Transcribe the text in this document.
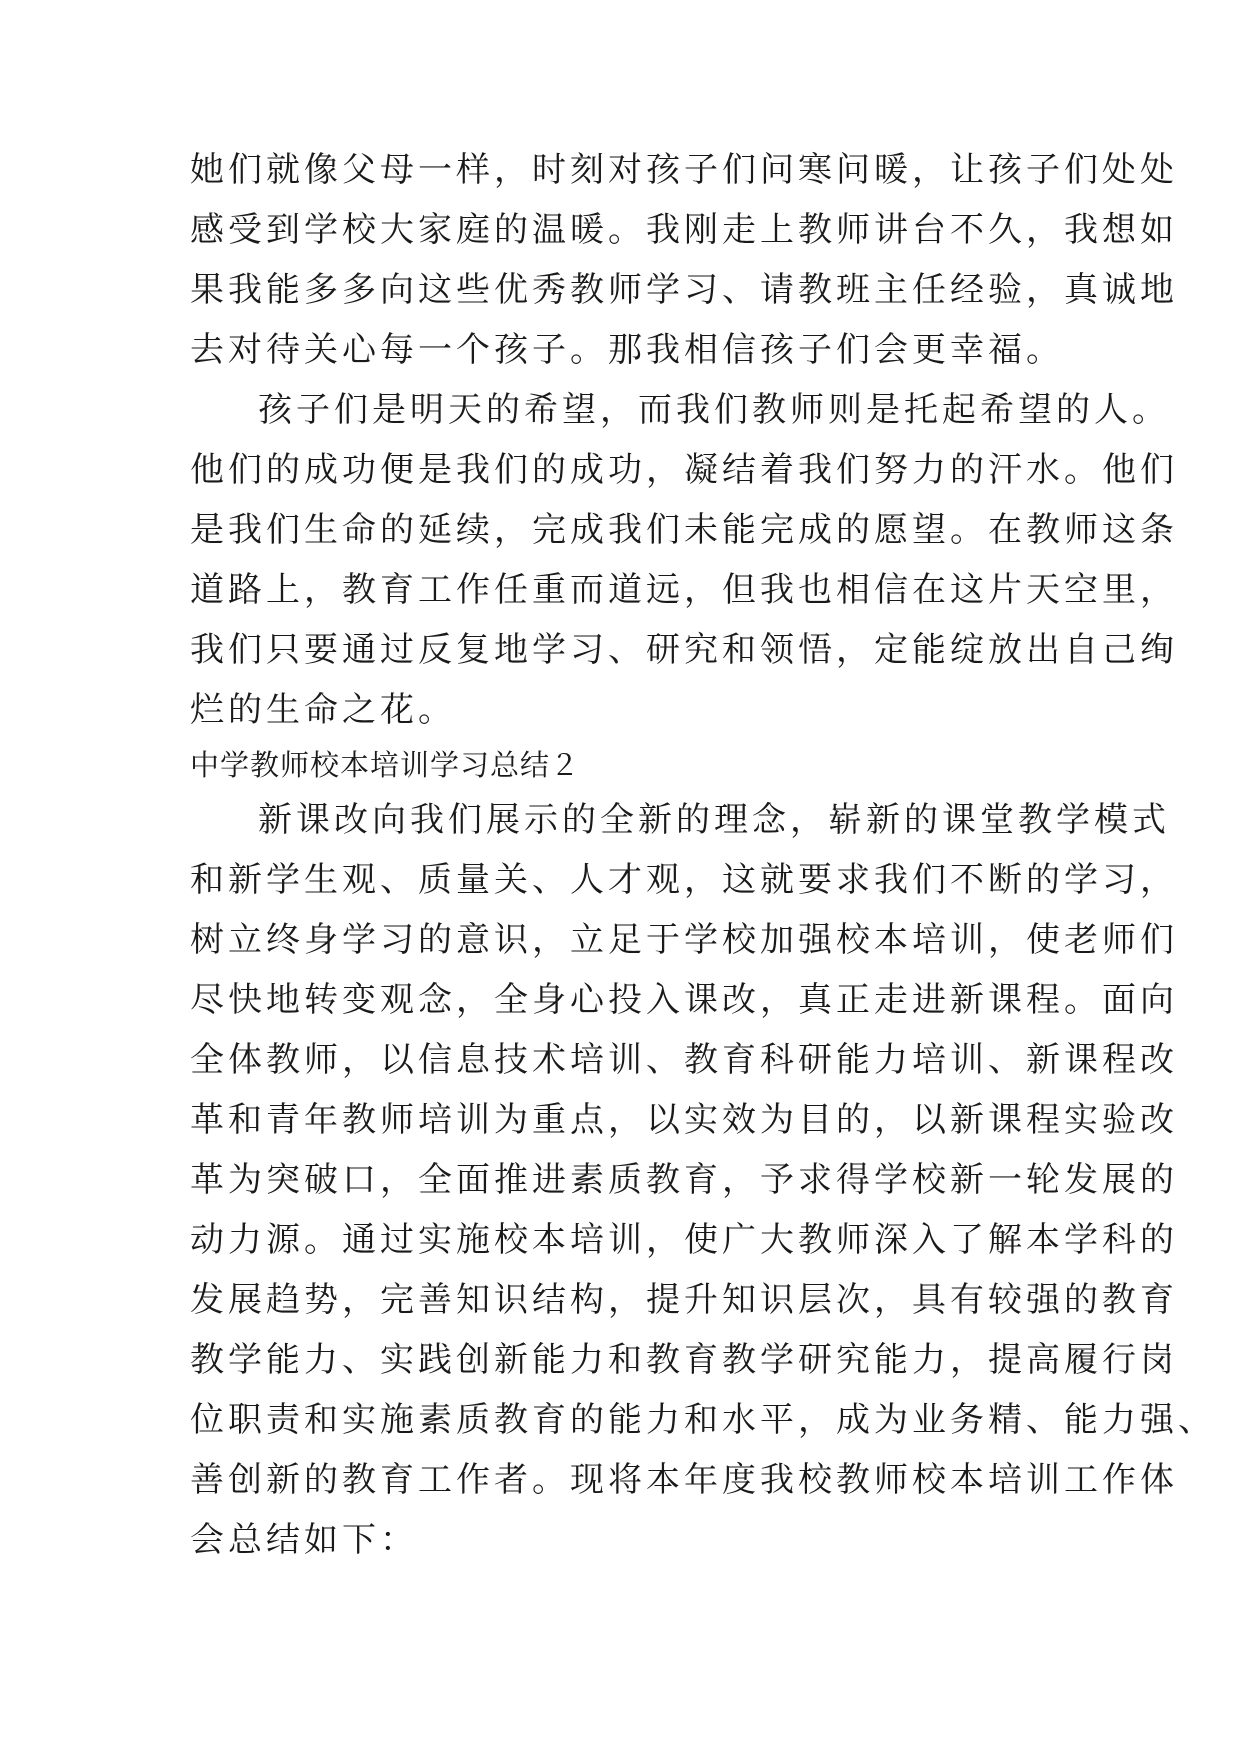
她们就像父母一样，时刻对孩子们问寒问暖，让孩子们处处
感受到学校大家庭的温暖。我刚走上教师讲台不久，我想如
果我能多多向这些优秀教师学习、请教班主任经验，真诚地
去对待关心每一个孩子。那我相信孩子们会更幸福。
孩子们是明天的希望，而我们教师则是托起希望的人。
他们的成功便是我们的成功，凝结着我们努力的汗水。他们
是我们生命的延续，完成我们未能完成的愿望。在教师这条
道路上，教育工作任重而道远，但我也相信在这片天空里，
我们只要通过反复地学习、研究和领悟，定能绽放出自己绚
烂的生命之花。
中学教师校本培训学习总结２
新课改向我们展示的全新的理念，崭新的课堂教学模式
和新学生观、质量关、人才观，这就要求我们不断的学习，
树立终身学习的意识，立足于学校加强校本培训，使老师们
尽快地转变观念，全身心投入课改，真正走进新课程。面向
全体教师，以信息技术培训、教育科研能力培训、新课程改
革和青年教师培训为重点，以实效为目的，以新课程实验改
革为突破口，全面推进素质教育，予求得学校新一轮发展的
动力源。通过实施校本培训，使广大教师深入了解本学科的
发展趋势，完善知识结构，提升知识层次，具有较强的教育
教学能力、实践创新能力和教育教学研究能力，提高履行岗
位职责和实施素质教育的能力和水平，成为业务精、能力强、
善创新的教育工作者。现将本年度我校教师校本培训工作体
会总结如下：
